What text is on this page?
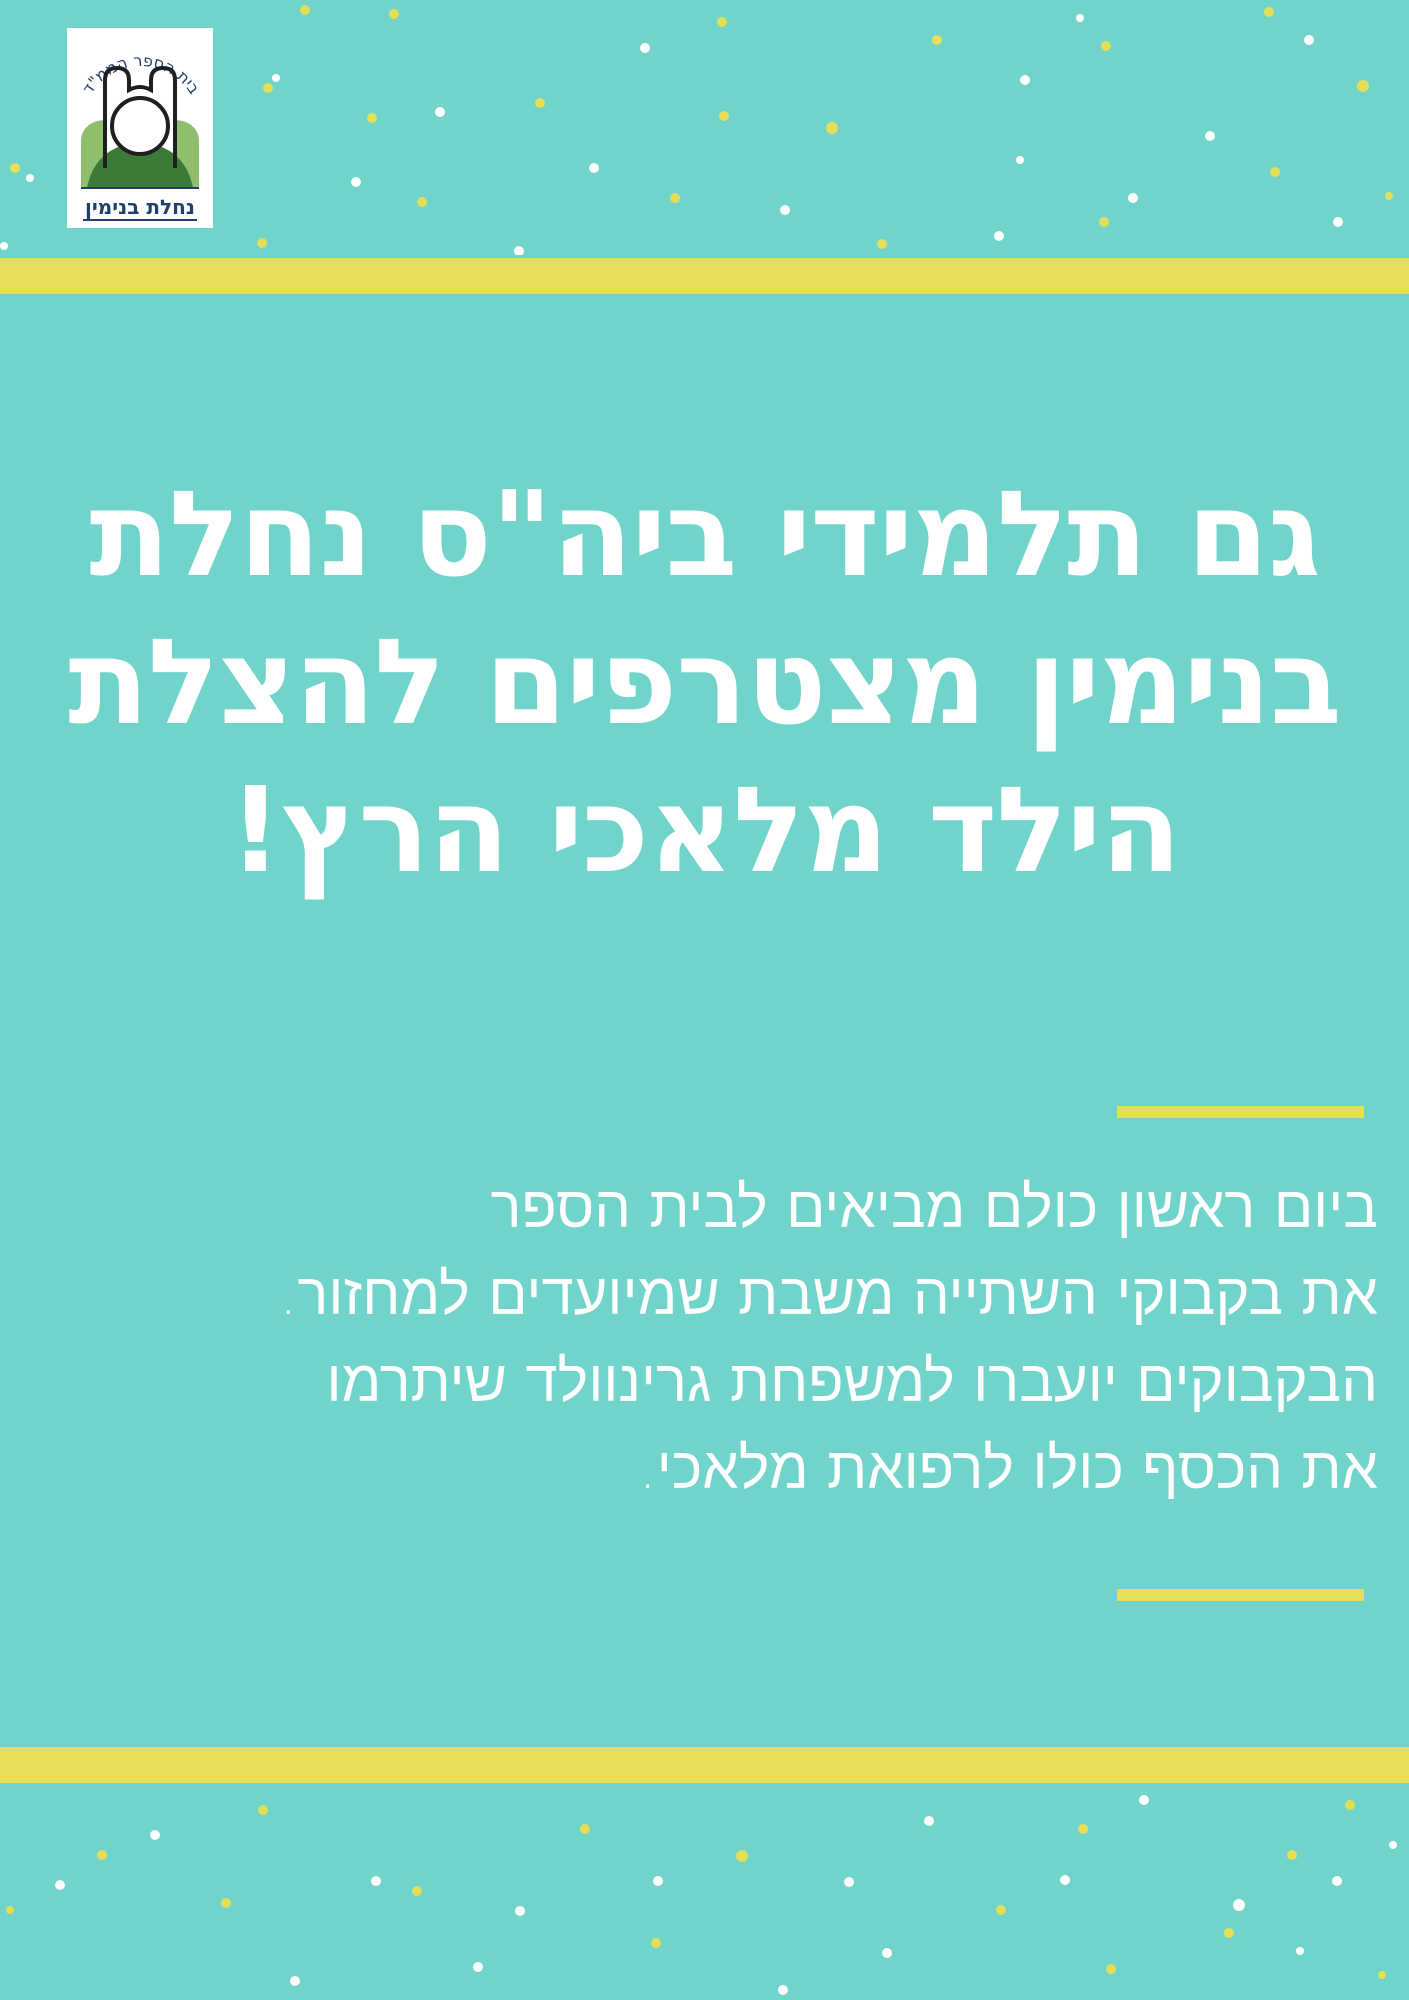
בית הספר הממ"ד
נחלת בנימין
גם תלמידי ביה"ס נחלת
בנימין מצטרפים להצלת
הילד מלאכי הרץ!

ביום ראשון כולם מביאים לבית הספר
את בקבוקי השתייה משבת שמיועדים למחזור.
הבקבוקים יועברו למשפחת גרינוולד שיתרמו
את הכסף כולו לרפואת מלאכי.
